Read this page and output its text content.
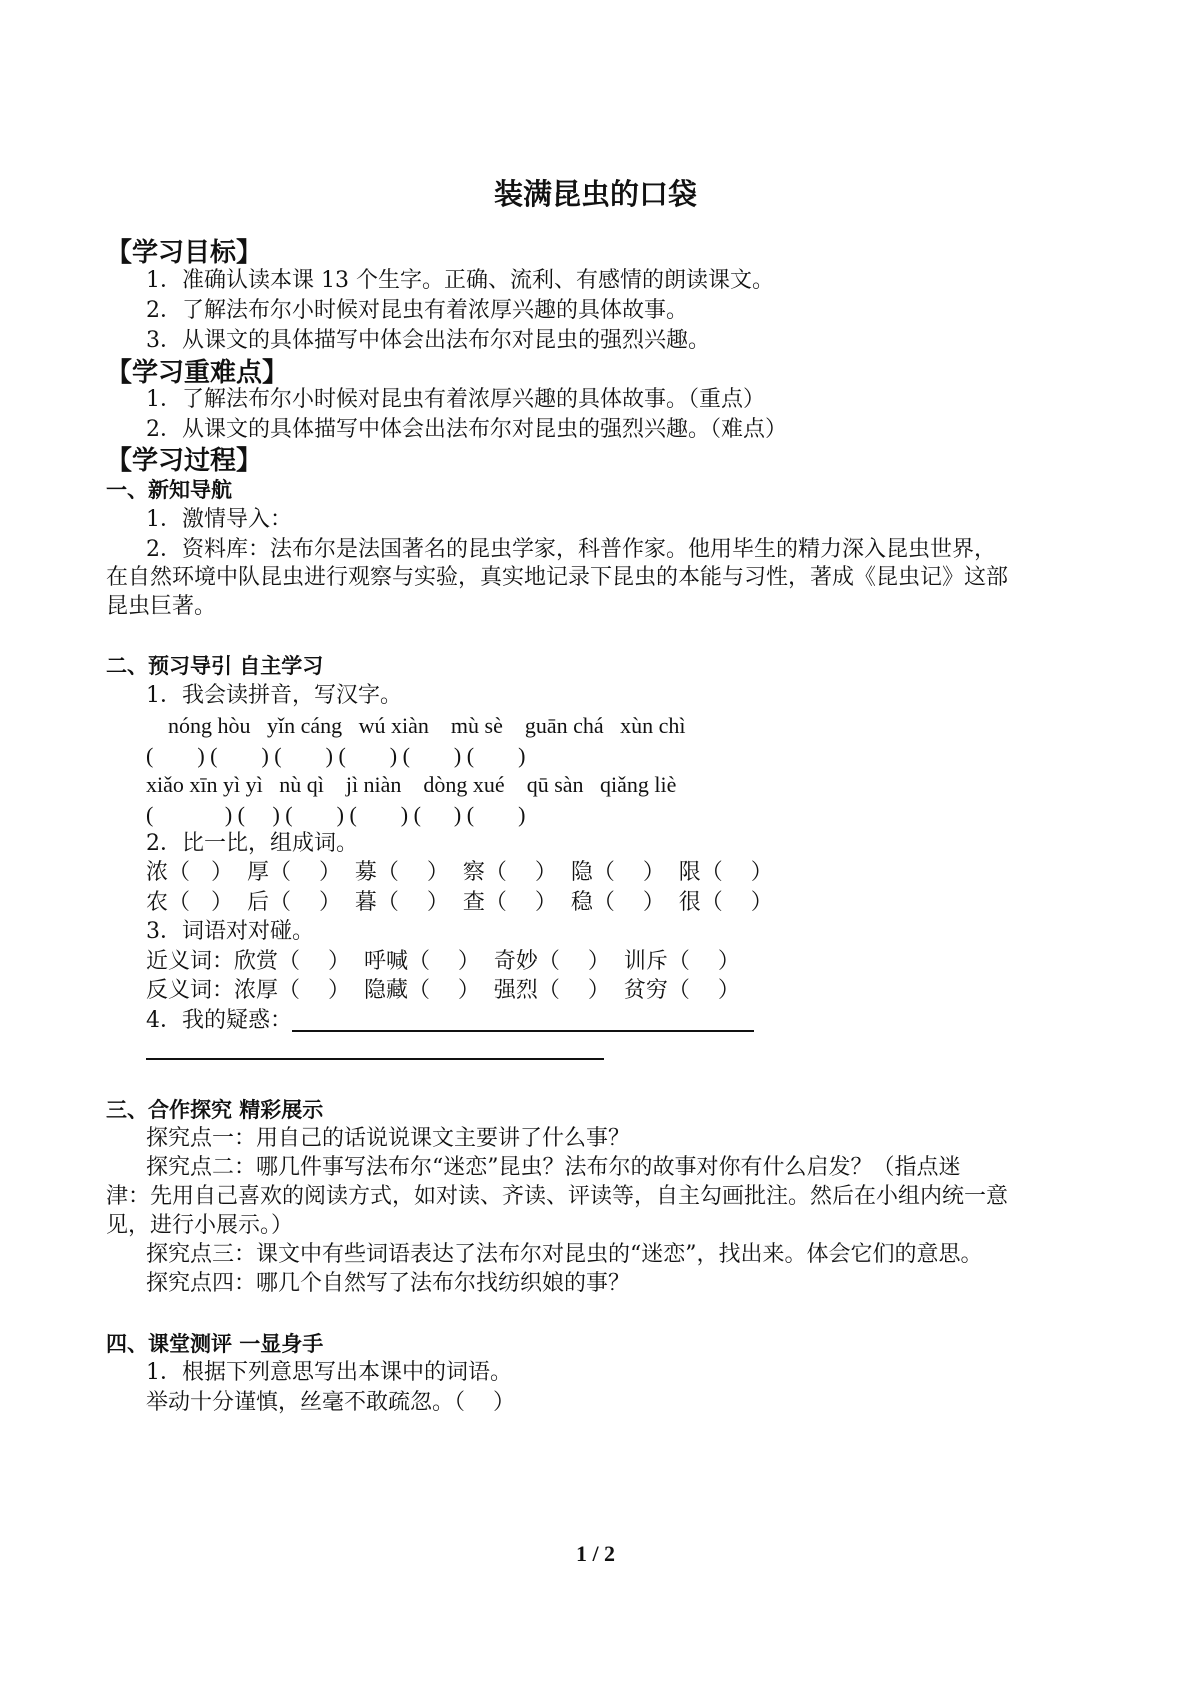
装满昆虫的口袋
【学习目标】
1．准确认读本课 13 个生字。正确、流利、有感情的朗读课文。
2．了解法布尔小时候对昆虫有着浓厚兴趣的具体故事。
3．从课文的具体描写中体会出法布尔对昆虫的强烈兴趣。
【学习重难点】
1．了解法布尔小时候对昆虫有着浓厚兴趣的具体故事。（重点）
2．从课文的具体描写中体会出法布尔对昆虫的强烈兴趣。（难点）
【学习过程】
一、新知导航
1．激情导入：
2．资料库：法布尔是法国著名的昆虫学家，科普作家。他用毕生的精力深入昆虫世界，
在自然环境中队昆虫进行观察与实验，真实地记录下昆虫的本能与习性，著成《昆虫记》这部
昆虫巨著。
二、预习导引 自主学习
1．我会读拼音，写汉字。
nóng hòu   yǐn cáng   wú xiàn    mù sè    guān chá   xùn chì
(        ) (        ) (        ) (        ) (        ) (        )
xiǎo xīn yì yì   nù qì    jì niàn    dòng xué    qū sàn   qiǎng liè
(             ) (     ) (        ) (        ) (      ) (        )
2．比一比，组成词。
浓（   ）  厚（    ）  募（    ）  察（    ）  隐（    ）  限（    ）
农（   ）  后（    ）  暮（    ）  查（    ）  稳（    ）  很（    ）
3．词语对对碰。
近义词：欣赏（    ）  呼喊（    ）  奇妙（    ）  训斥（    ）
反义词：浓厚（    ）  隐藏（    ）  强烈（    ）  贫穷（    ）
4．我的疑惑：
三、合作探究 精彩展示
探究点一：用自己的话说说课文主要讲了什么事？
探究点二：哪几件事写法布尔“迷恋”昆虫？法布尔的故事对你有什么启发？（指点迷
津：先用自己喜欢的阅读方式，如对读、齐读、评读等，自主勾画批注。然后在小组内统一意
见，进行小展示。）
探究点三：课文中有些词语表达了法布尔对昆虫的“迷恋”，找出来。体会它们的意思。
探究点四：哪几个自然写了法布尔找纺织娘的事？
四、课堂测评 一显身手
1．根据下列意思写出本课中的词语。
举动十分谨慎，丝毫不敢疏忽。（    ）
1 / 2
